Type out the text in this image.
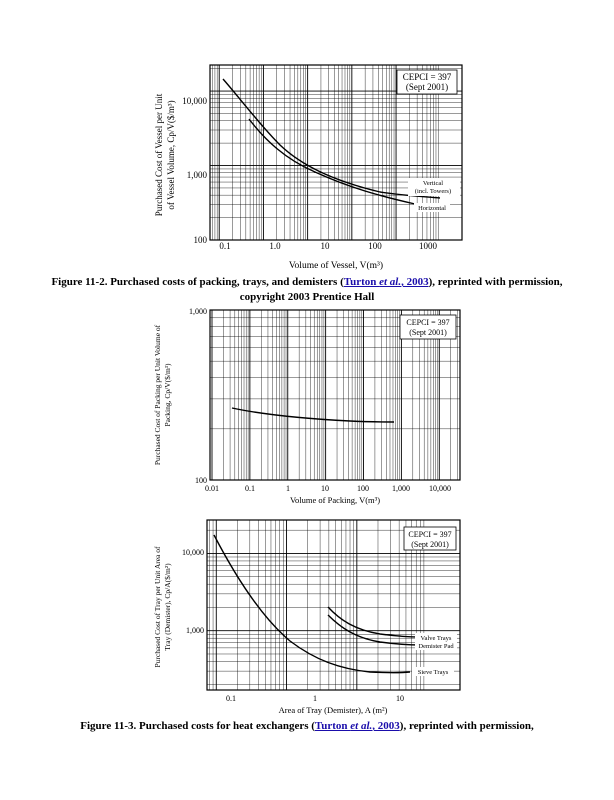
CEPCI = 397
(Sept 2001)
Vertical
(incl. Towers)
Horizontal
100
1,000
10,000
0.1	1.0	10	100	1000
Volume of Vessel, V(m³)
Purchased Cost of Vessel per Unit of Vessel Volume, Cp/V($/m³)
Figure 11-2. Purchased costs of packing, trays, and demisters (Turton et al., 2003), reprinted with permission, copyright 2003 Prentice Hall
CEPCI = 397
(Sept 2001)
100
1,000
0.01	0.1	1	10	100	1,000 10,000
Volume of Packing, V(m³)
Purchased Cost of Packing per Unit Volume of Packing, Cp/V($/m³)
CEPCI = 397
(Sept 2001)
Valve Trays
Demister Pad
Sieve Trays
1,000
10,000
0.1	1	10
Area of Tray (Demister), A (m²)
Purchased Cost of Tray per Unit Area of Tray (Demister), Cp/A($/m²)
Figure 11-3. Purchased costs for heat exchangers (Turton et al., 2003), reprinted with permission,
